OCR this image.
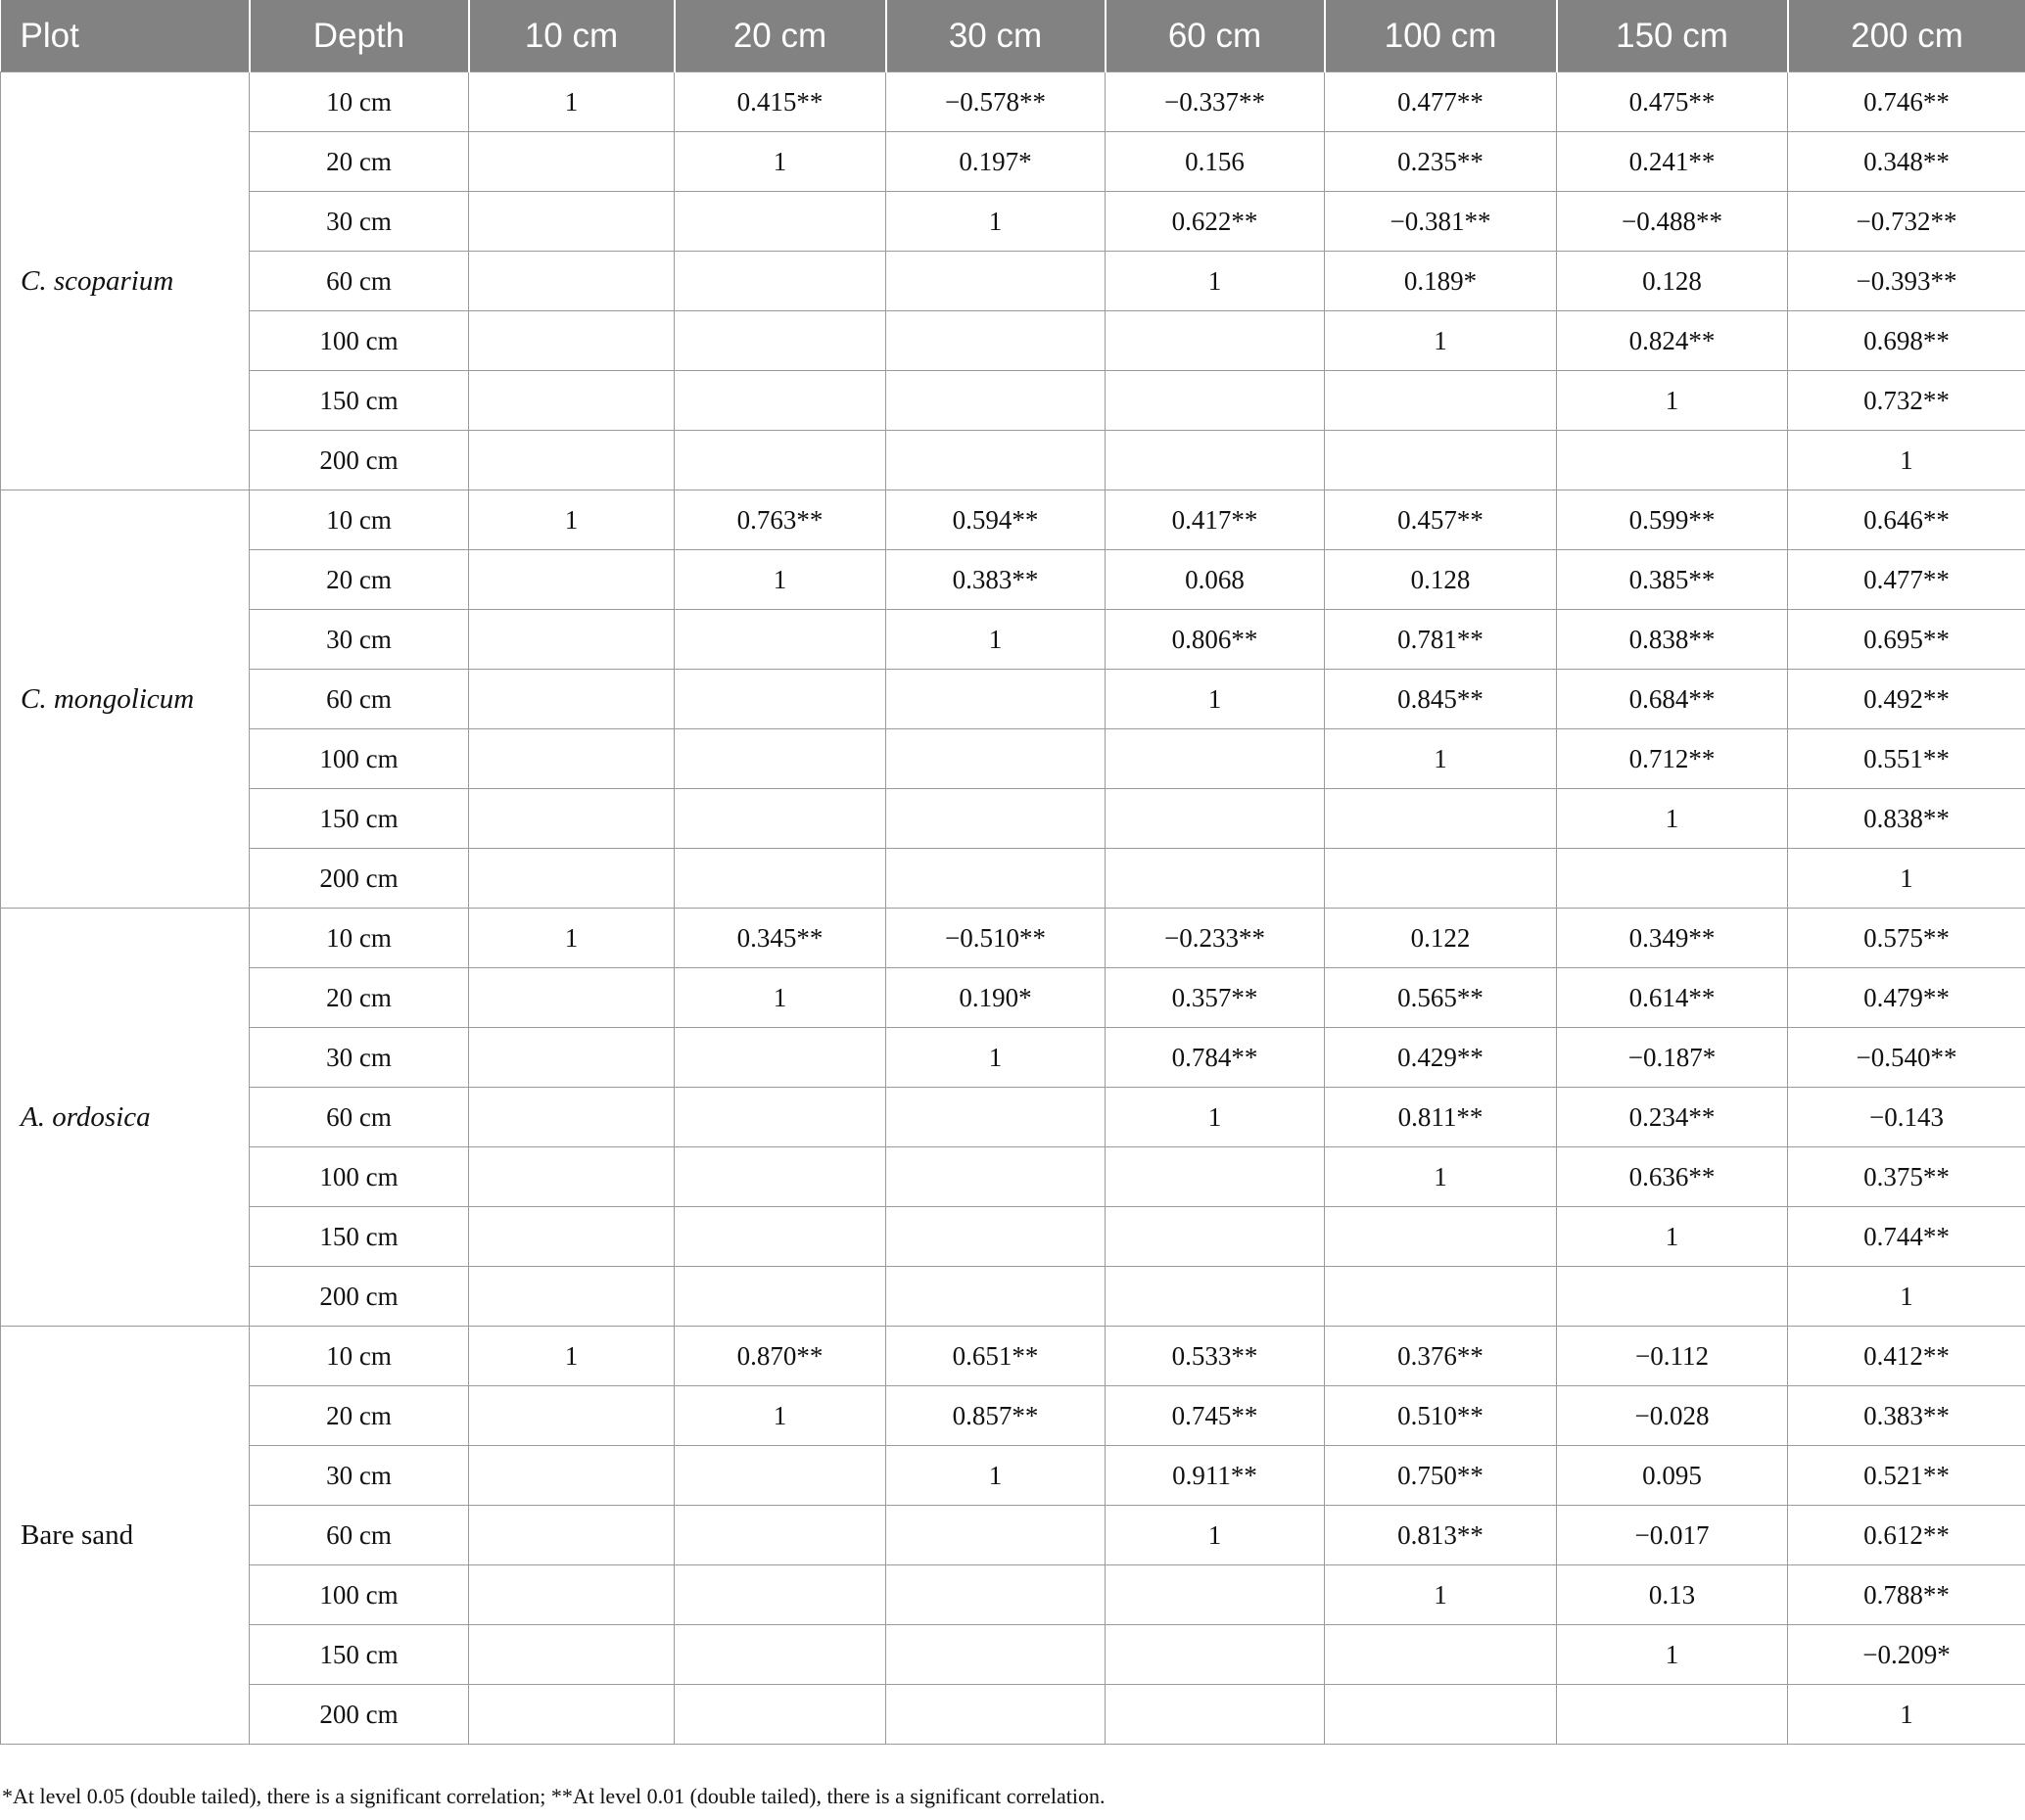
Plot	Depth	10 cm	20 cm	30 cm	60 cm	100 cm	150 cm	200 cm
C. scoparium	10 cm	1	0.415**	−0.578**	−0.337**	0.477**	0.475**	0.746**
	20 cm		1	0.197*	0.156	0.235**	0.241**	0.348**
	30 cm			1	0.622**	−0.381**	−0.488**	−0.732**
	60 cm				1	0.189*	0.128	−0.393**
	100 cm					1	0.824**	0.698**
	150 cm						1	0.732**
	200 cm							1
C. mongolicum	10 cm	1	0.763**	0.594**	0.417**	0.457**	0.599**	0.646**
	20 cm		1	0.383**	0.068	0.128	0.385**	0.477**
	30 cm			1	0.806**	0.781**	0.838**	0.695**
	60 cm				1	0.845**	0.684**	0.492**
	100 cm					1	0.712**	0.551**
	150 cm						1	0.838**
	200 cm							1
A. ordosica	10 cm	1	0.345**	−0.510**	−0.233**	0.122	0.349**	0.575**
	20 cm		1	0.190*	0.357**	0.565**	0.614**	0.479**
	30 cm			1	0.784**	0.429**	−0.187*	−0.540**
	60 cm				1	0.811**	0.234**	−0.143
	100 cm					1	0.636**	0.375**
	150 cm						1	0.744**
	200 cm							1
Bare sand	10 cm	1	0.870**	0.651**	0.533**	0.376**	−0.112	0.412**
	20 cm		1	0.857**	0.745**	0.510**	−0.028	0.383**
	30 cm			1	0.911**	0.750**	0.095	0.521**
	60 cm				1	0.813**	−0.017	0.612**
	100 cm					1	0.13	0.788**
	150 cm						1	−0.209*
	200 cm							1
*At level 0.05 (double tailed), there is a significant correlation; **At level 0.01 (double tailed), there is a significant correlation.
